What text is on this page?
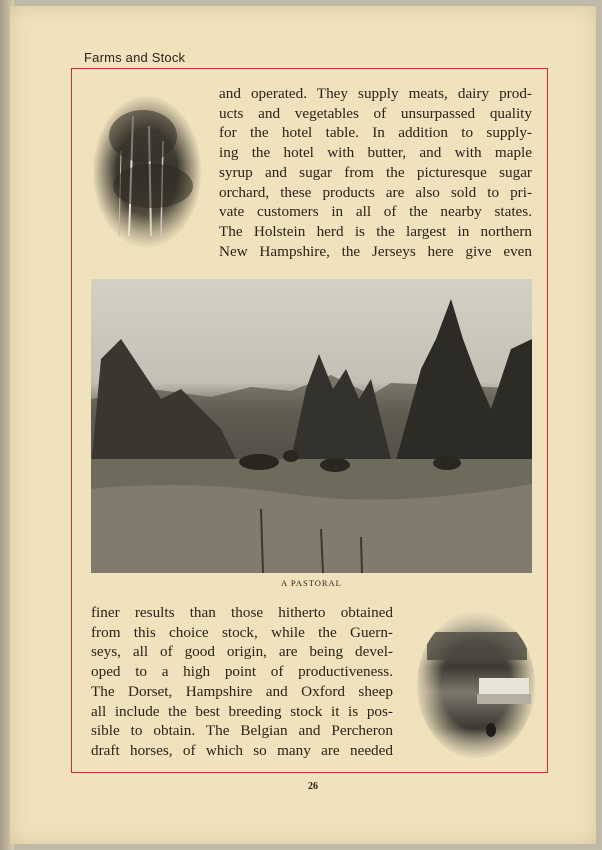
Farms and Stock
and operated. They supply meats, dairy prod-
ucts and vegetables of unsurpassed quality
for the hotel table. In addition to supply-
ing the hotel with butter, and with maple
syrup and sugar from the picturesque sugar
orchard, these products are also sold to pri-
vate customers in all of the nearby states.
The Holstein herd is the largest in northern
New Hampshire, the Jerseys here give even
A PASTORAL
finer results than those hitherto obtained
from this choice stock, while the Guern-
seys, all of good origin, are being devel-
oped to a high point of productiveness.
The Dorset, Hampshire and Oxford sheep
all include the best breeding stock it is pos-
sible to obtain. The Belgian and Percheron
draft horses, of which so many are needed
26
